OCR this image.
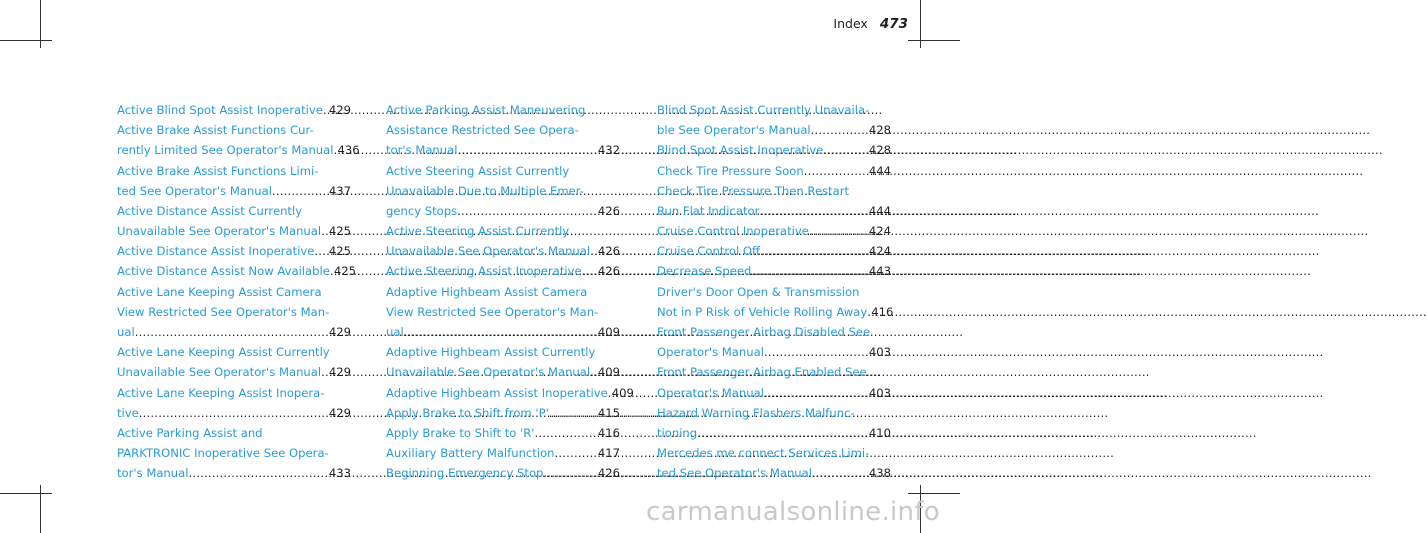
Index 473
Active Blind Spot Assist Inoperative ..... 429
Active Brake Assist Functions Cur-
rently Limited See Operator's Manual 436
Active Brake Assist Functions Limi-
ted See Operator's Manual .....	437
Active Distance Assist Currently
Unavailable See Operator's Manual ..... 425
Active Distance Assist Inoperative .....	425
Active Distance Assist Now Available 425
Active Lane Keeping Assist Camera
View Restricted See Operator's Man-
ual .....	429
Active Lane Keeping Assist Currently
Unavailable See Operator's Manual ..... 429
Active Lane Keeping Assist Inopera-
tive .....	429
Active Parking Assist and
PARKTRONIC Inoperative See Opera-
tor's Manual .....	433
Active Parking Assist Maneuvering
Assistance Restricted See Opera-
tor's Manual .....	432
Active Steering Assist Currently
Unavailable Due to Multiple Emer-
gency Stops .....	426
Active Steering Assist Currently
Unavailable See Operator's Manual ..... 426
Active Steering Assist Inoperative .....	426
Adaptive Highbeam Assist Camera
View Restricted See Operator's Man-
ual .....	409
Adaptive Highbeam Assist Currently
Unavailable See Operator's Manual ..... 409
Adaptive Highbeam Assist Inoperative 409
Apply Brake to Shift from 'P' .....	415
Apply Brake to Shift to 'R' .....	416
Auxiliary Battery Malfunction .....	417
Beginning Emergency Stop .....	426
Blind Spot Assist Currently Unavaila-
ble See Operator's Manual .....	428
Blind Spot Assist Inoperative .....	428
Check Tire Pressure Soon .....	444
Check Tire Pressure Then Restart
Run Flat Indicator .....	444
Cruise Control Inoperative .....	424
Cruise Control Off .....	424
Decrease Speed .....	443
Driver's Door Open & Transmission
Not in P Risk of Vehicle Rolling Away 416
Front Passenger Airbag Disabled See
Operator's Manual .....	403
Front Passenger Airbag Enabled See
Operator's Manual .....	403
Hazard Warning Flashers Malfunc-
tioning .....	410
Mercedes me connect Services Limi-
ted See Operator's Manual .....	438
carmanualsonline.info
